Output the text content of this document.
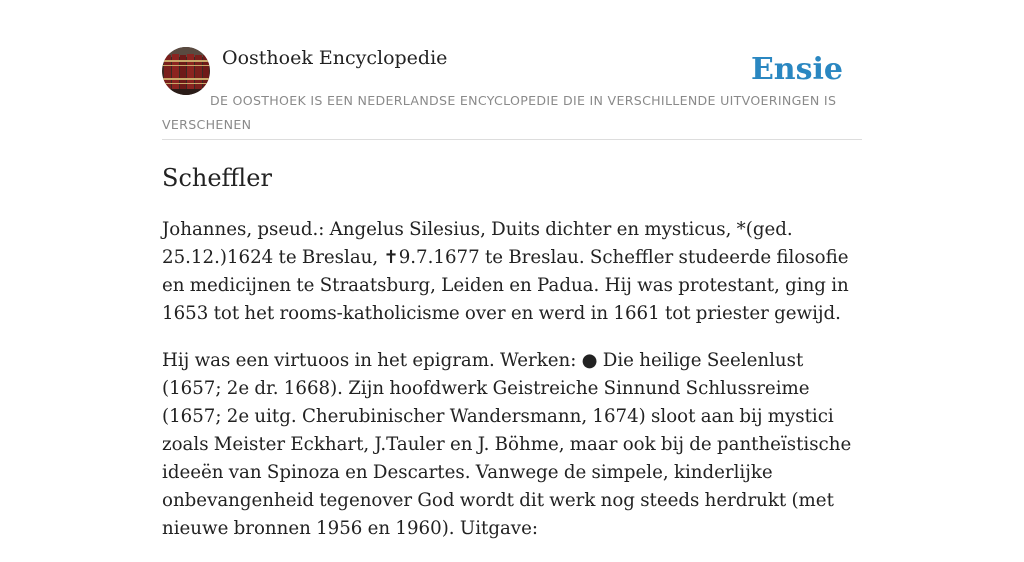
Oosthoek Encyclopedie	Ensie
DE OOSTHOEK IS EEN NEDERLANDSE ENCYCLOPEDIE DIE IN VERSCHILLENDE UITVOERINGEN IS VERSCHENEN
Scheffler

Johannes, pseud.: Angelus Silesius, Duits dichter en mysticus, *(ged. 25.12.)1624 te Breslau, ✝9.7.1677 te Breslau. Scheffler studeerde filosofie en medicijnen te Straatsburg, Leiden en Padua. Hij was protestant, ging in 1653 tot het rooms-katholicisme over en werd in 1661 tot priester gewijd.

Hij was een virtuoos in het epigram. Werken: ● Die heilige Seelenlust (1657; 2e dr. 1668). Zijn hoofdwerk Geistreiche Sinnund Schlussreime (1657; 2e uitg. Cherubinischer Wandersmann, 1674) sloot aan bij mystici zoals Meister Eckhart, J.Tauler en J. Böhme, maar ook bij de pantheïstische ideeën van Spinoza en Descartes. Vanwege de simpele, kinderlijke onbevangenheid tegenover God wordt dit werk nog steeds herdrukt (met nieuwe bronnen 1956 en 1960). Uitgave:
